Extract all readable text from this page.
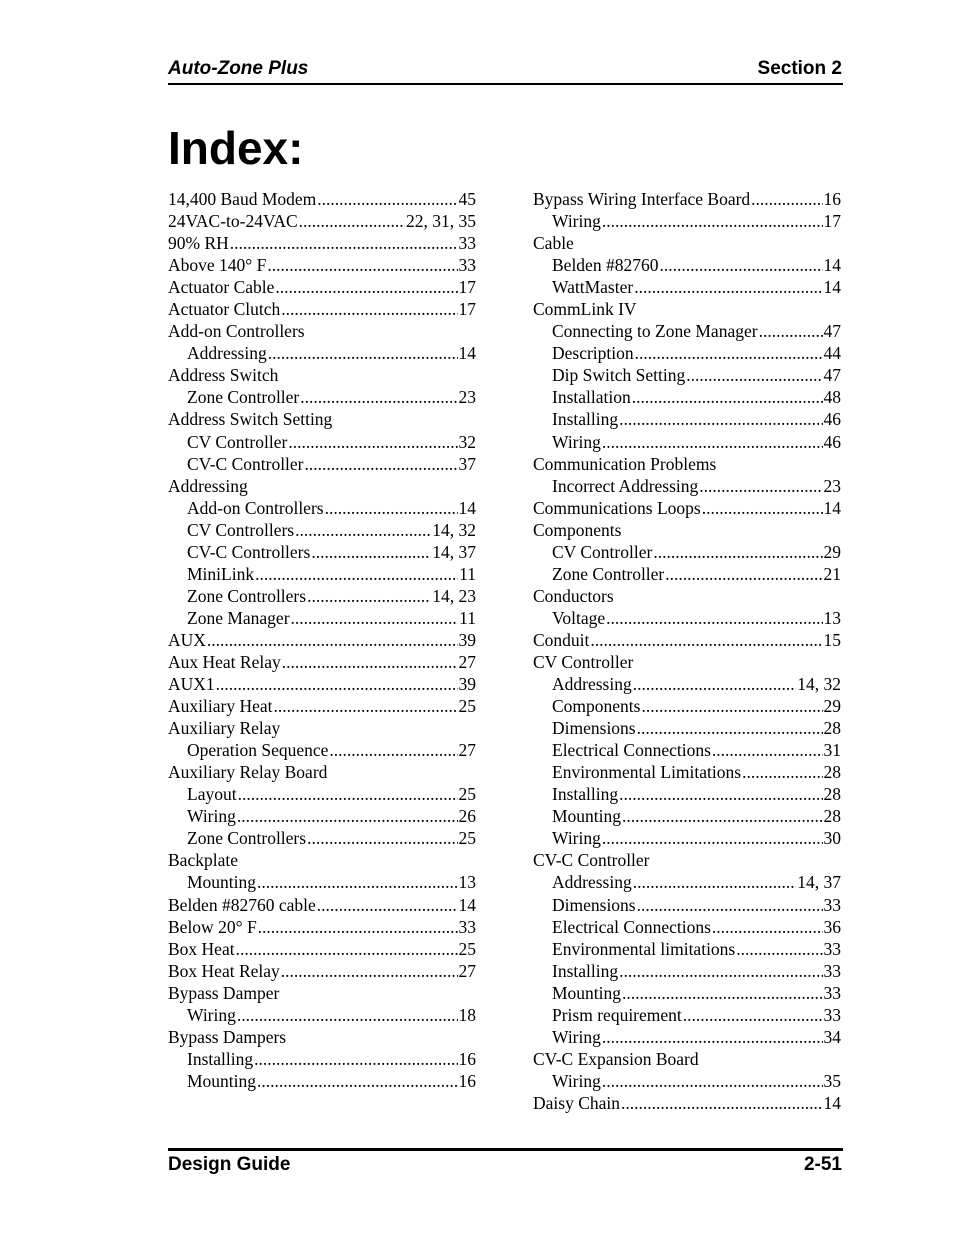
Auto-Zone Plus	Section 2
Index:
14,400 Baud Modem .....	45
24VAC-to-24VAC .....	22, 31, 35
90% RH .....	33
Above 140° F .....	33
Actuator Cable .....	17
Actuator Clutch .....	17
Add-on Controllers
Addressing .....	14
Address Switch
Zone Controller .....	23
Address Switch Setting
CV Controller .....	32
CV-C Controller .....	37
Addressing
Add-on Controllers .....	14
CV Controllers .....	14, 32
CV-C Controllers .....	14, 37
MiniLink .....	11
Zone Controllers .....	14, 23
Zone Manager .....	11
AUX .....	39
Aux Heat Relay .....	27
AUX1 .....	39
Auxiliary Heat .....	25
Auxiliary Relay
Operation Sequence .....	27
Auxiliary Relay Board
Layout .....	25
Wiring .....	26
Zone Controllers .....	25
Backplate
Mounting .....	13
Belden #82760 cable .....	14
Below 20° F .....	33
Box Heat .....	25
Box Heat Relay .....	27
Bypass Damper
Wiring .....	18
Bypass Dampers
Installing .....	16
Mounting .....	16
Bypass Wiring Interface Board .....	16
Wiring .....	17
Cable
Belden #82760 .....	14
WattMaster .....	14
CommLink IV
Connecting to Zone Manager .....	47
Description .....	44
Dip Switch Setting .....	47
Installation .....	48
Installing .....	46
Wiring .....	46
Communication Problems
Incorrect Addressing .....	23
Communications Loops .....	14
Components
CV Controller .....	29
Zone Controller .....	21
Conductors
Voltage .....	13
Conduit .....	15
CV Controller
Addressing .....	14, 32
Components .....	29
Dimensions .....	28
Electrical Connections .....	31
Environmental Limitations .....	28
Installing .....	28
Mounting .....	28
Wiring .....	30
CV-C Controller
Addressing .....	14, 37
Dimensions .....	33
Electrical Connections .....	36
Environmental limitations .....	33
Installing .....	33
Mounting .....	33
Prism requirement .....	33
Wiring .....	34
CV-C Expansion Board
Wiring .....	35
Daisy Chain .....	14
Design Guide	2-51
